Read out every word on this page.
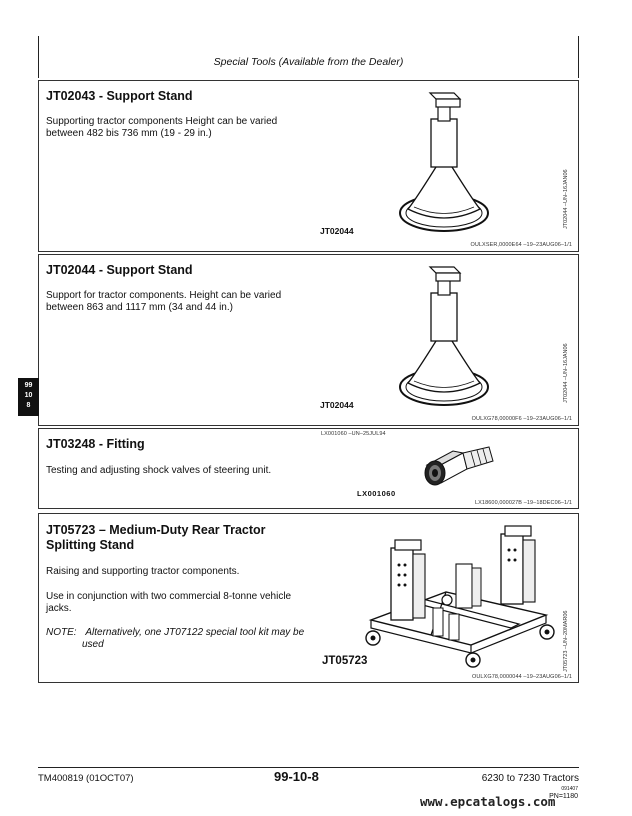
Special Tools (Available from the Dealer)
JT02043 - Support Stand
Supporting tractor components Height can be varied
between 482 bis 736 mm (19 - 29 in.)
JT02044
JT02044 –UN–16JAN06
OULXSER,0000E64 –19–23AUG06–1/1
JT02044 - Support Stand
Support for tractor components. Height can be varied
between 863 and 1117 mm (34 and 44 in.)
JT02044
JT02044 –UN–16JAN06
OULXG78,00000F6 –19–23AUG06–1/1
99
10
8
JT03248 - Fitting
Testing and adjusting shock valves of steering unit.
LX001060 –UN–25JUL94
LX001060
LX18600,000027B –19–18DEC06–1/1
JT05723 – Medium-Duty Rear Tractor
Splitting Stand
Raising and supporting tractor components.
Use in conjunction with two commercial 8-tonne vehicle
jacks.
NOTE: Alternatively, one JT07122 special tool kit may be
used
JT05723	JT05723 –UN–20MAR06
OULXG78,0000044 –19–23AUG06–1/1
TM400819 (01OCT07)	99-10-8	6230 to 7230 Tractors
091407
PN=1180
www.epcatalogs.com
